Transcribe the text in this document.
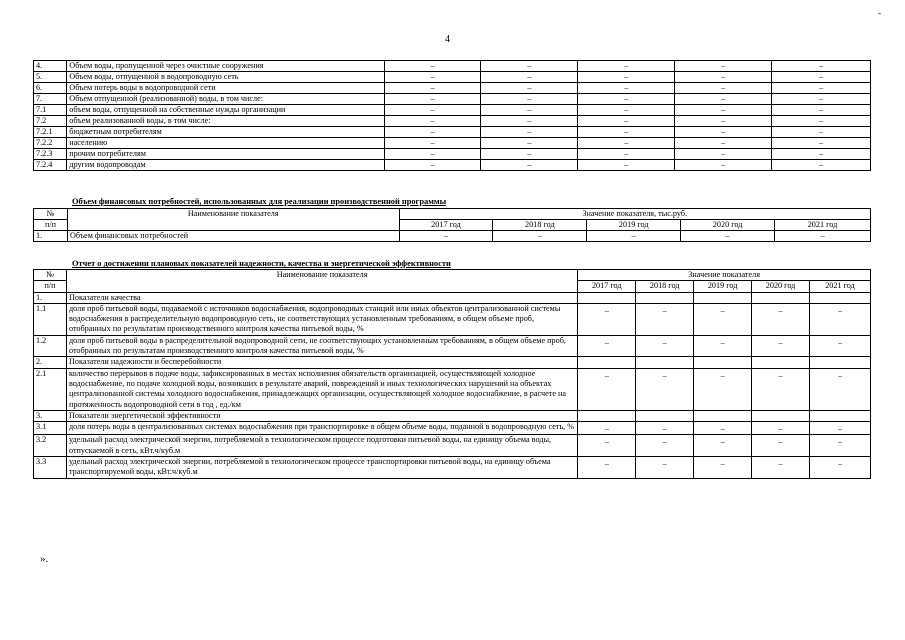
-
4
4.	Объем воды, пропущенной через очистные сооружения	–	–	–	–	–
5.	Объем воды, отпущенной в водопроводную сеть	–	–	–	–	–
6.	Объем потерь воды в водопроводной сети	–	–	–	–	–
7.	Объем отпущенной (реализованной) воды, в том числе:	–	–	–	–	–
7.1	объем воды, отпущенной на собственные нужды организации	–	–	–	–	–
7.2	объем реализованной воды, в том числе:	–	–	–	–	–
7.2.1	бюджетным потребителям	–	–	–	–	–
7.2.2	населению	–	–	–	–	–
7.2.3	прочим потребителям	–	–	–	–	–
7.2.4	другим водопроводам	–	–	–	–	–
Объем финансовых потребностей, использованных для реализации производственной программы
№	Наименование показателя	Значение показателя, тыс.руб.				
п/п		2017 год	2018 год	2019 год	2020 год	2021 год
1.	Объем финансовых потребностей	–	–	–	–	–
Отчет о достижении плановых показателей надежности, качества и энергетической эффективности
№	Наименование показателя	Значение показателя				
п/п		2017 год	2018 год	2019 год	2020 год	2021 год
1.	Показатели качества					
1.1	доля проб питьевой воды, подаваемой с источников водоснабжения, водопроводных станций или иных объектов централизованной системы водоснабжения в распределительную водопроводную сеть, не соответствующих установленным требованиям, в общем объеме проб, отобранных по результатам производственного контроля качества питьевой воды, %	–	–	–	–	–
1.2	доля проб питьевой воды в распределительной водопроводной сети, не соответствующих установленным требованиям, в общем объеме проб, отобранных по результатам производственного контроля качества питьевой воды, %	–	–	–	–	–
2.	Показатели надежности и бесперебойности					
2.1	количество перерывов в подаче воды, зафиксированных в местах исполнения обязательств организацией, осуществляющей холодное водоснабжение, по подаче холодной воды, возникших в результате аварий, повреждений и иных технологических нарушений на объектах централизованной системы холодного водоснабжения, принадлежащих организации, осуществляющей холодное водоснабжение, в расчете на протяженность водопроводной сети в год , ед./км	–	–	–	–	–
3.	Показатели энергетической эффективности					
3.1	доля потерь воды в централизованных системах водоснабжения при транспортировке в общем объеме воды, поданной в водопроводную сеть, %	–	–	–	–	–
3.2	удельный расход электрической энергии, потребляемой в технологическом процессе подготовки питьевой воды, на единицу объема воды, отпускаемой в сеть, кВт.ч/куб.м	–	–	–	–	–
3.3	удельный расход электрической энергии, потребляемой в технологическом процессе транспортировки питьевой воды, на единицу объема транспортируемой воды, кВт.ч/куб.м	–	–	–	–	–
».
